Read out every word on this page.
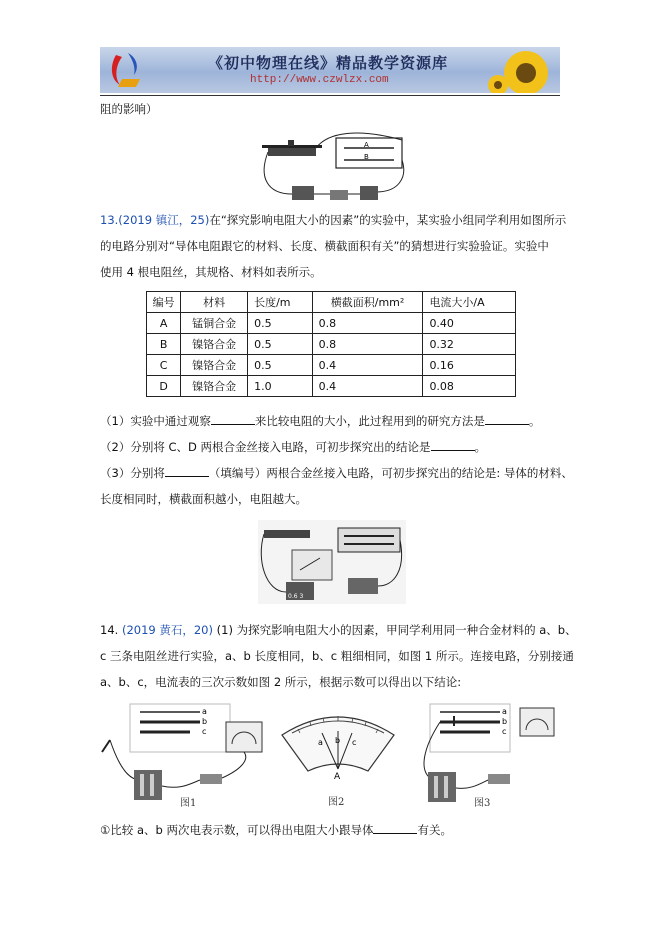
《初中物理在线》精品教学资源库
http://www.czwlzx.com
阻的影响）
A
B
13.(2019 镇江，25)在“探究影响电阻大小的因素”的实验中，某实验小组同学利用如图所示
的电路分别对“导体电阻跟它的材料、长度、横截面积有关”的猜想进行实验验证。实验中
使用 4 根电阻丝，其规格、材料如表所示。
编号	材料	长度/m	横截面积/mm²	电流大小/A
A	锰铜合金	0.5	0.8	0.40
B	镍铬合金	0.5	0.8	0.32
C	镍铬合金	0.5	0.4	0.16
D	镍铬合金	1.0	0.4	0.08
（1）实验中通过观察	来比较电阻的大小，此过程用到的研究方法是	。
（2）分别将 C、D 两根合金丝接入电路，可初步探究出的结论是	。
（3）分别将	（填编号）两根合金丝接入电路，可初步探究出的结论是: 导体的材料、
长度相同时，横截面积越小，电阻越大。
0.6 3
14. (2019 黄石，20) (1) 为探究影响电阻大小的因素，甲同学利用同一种合金材料的 a、b、
c 三条电阻丝进行实验，a、b 长度相同，b、c 粗细相同，如图 1 所示。连接电路，分别接通
a、b、c，电流表的三次示数如图 2 所示，根据示数可以得出以下结论:
a
b
c
图1
a b c
A
图2
a
b
c
图3
①比较 a、b 两次电表示数，可以得出电阻大小跟导体	有关。
